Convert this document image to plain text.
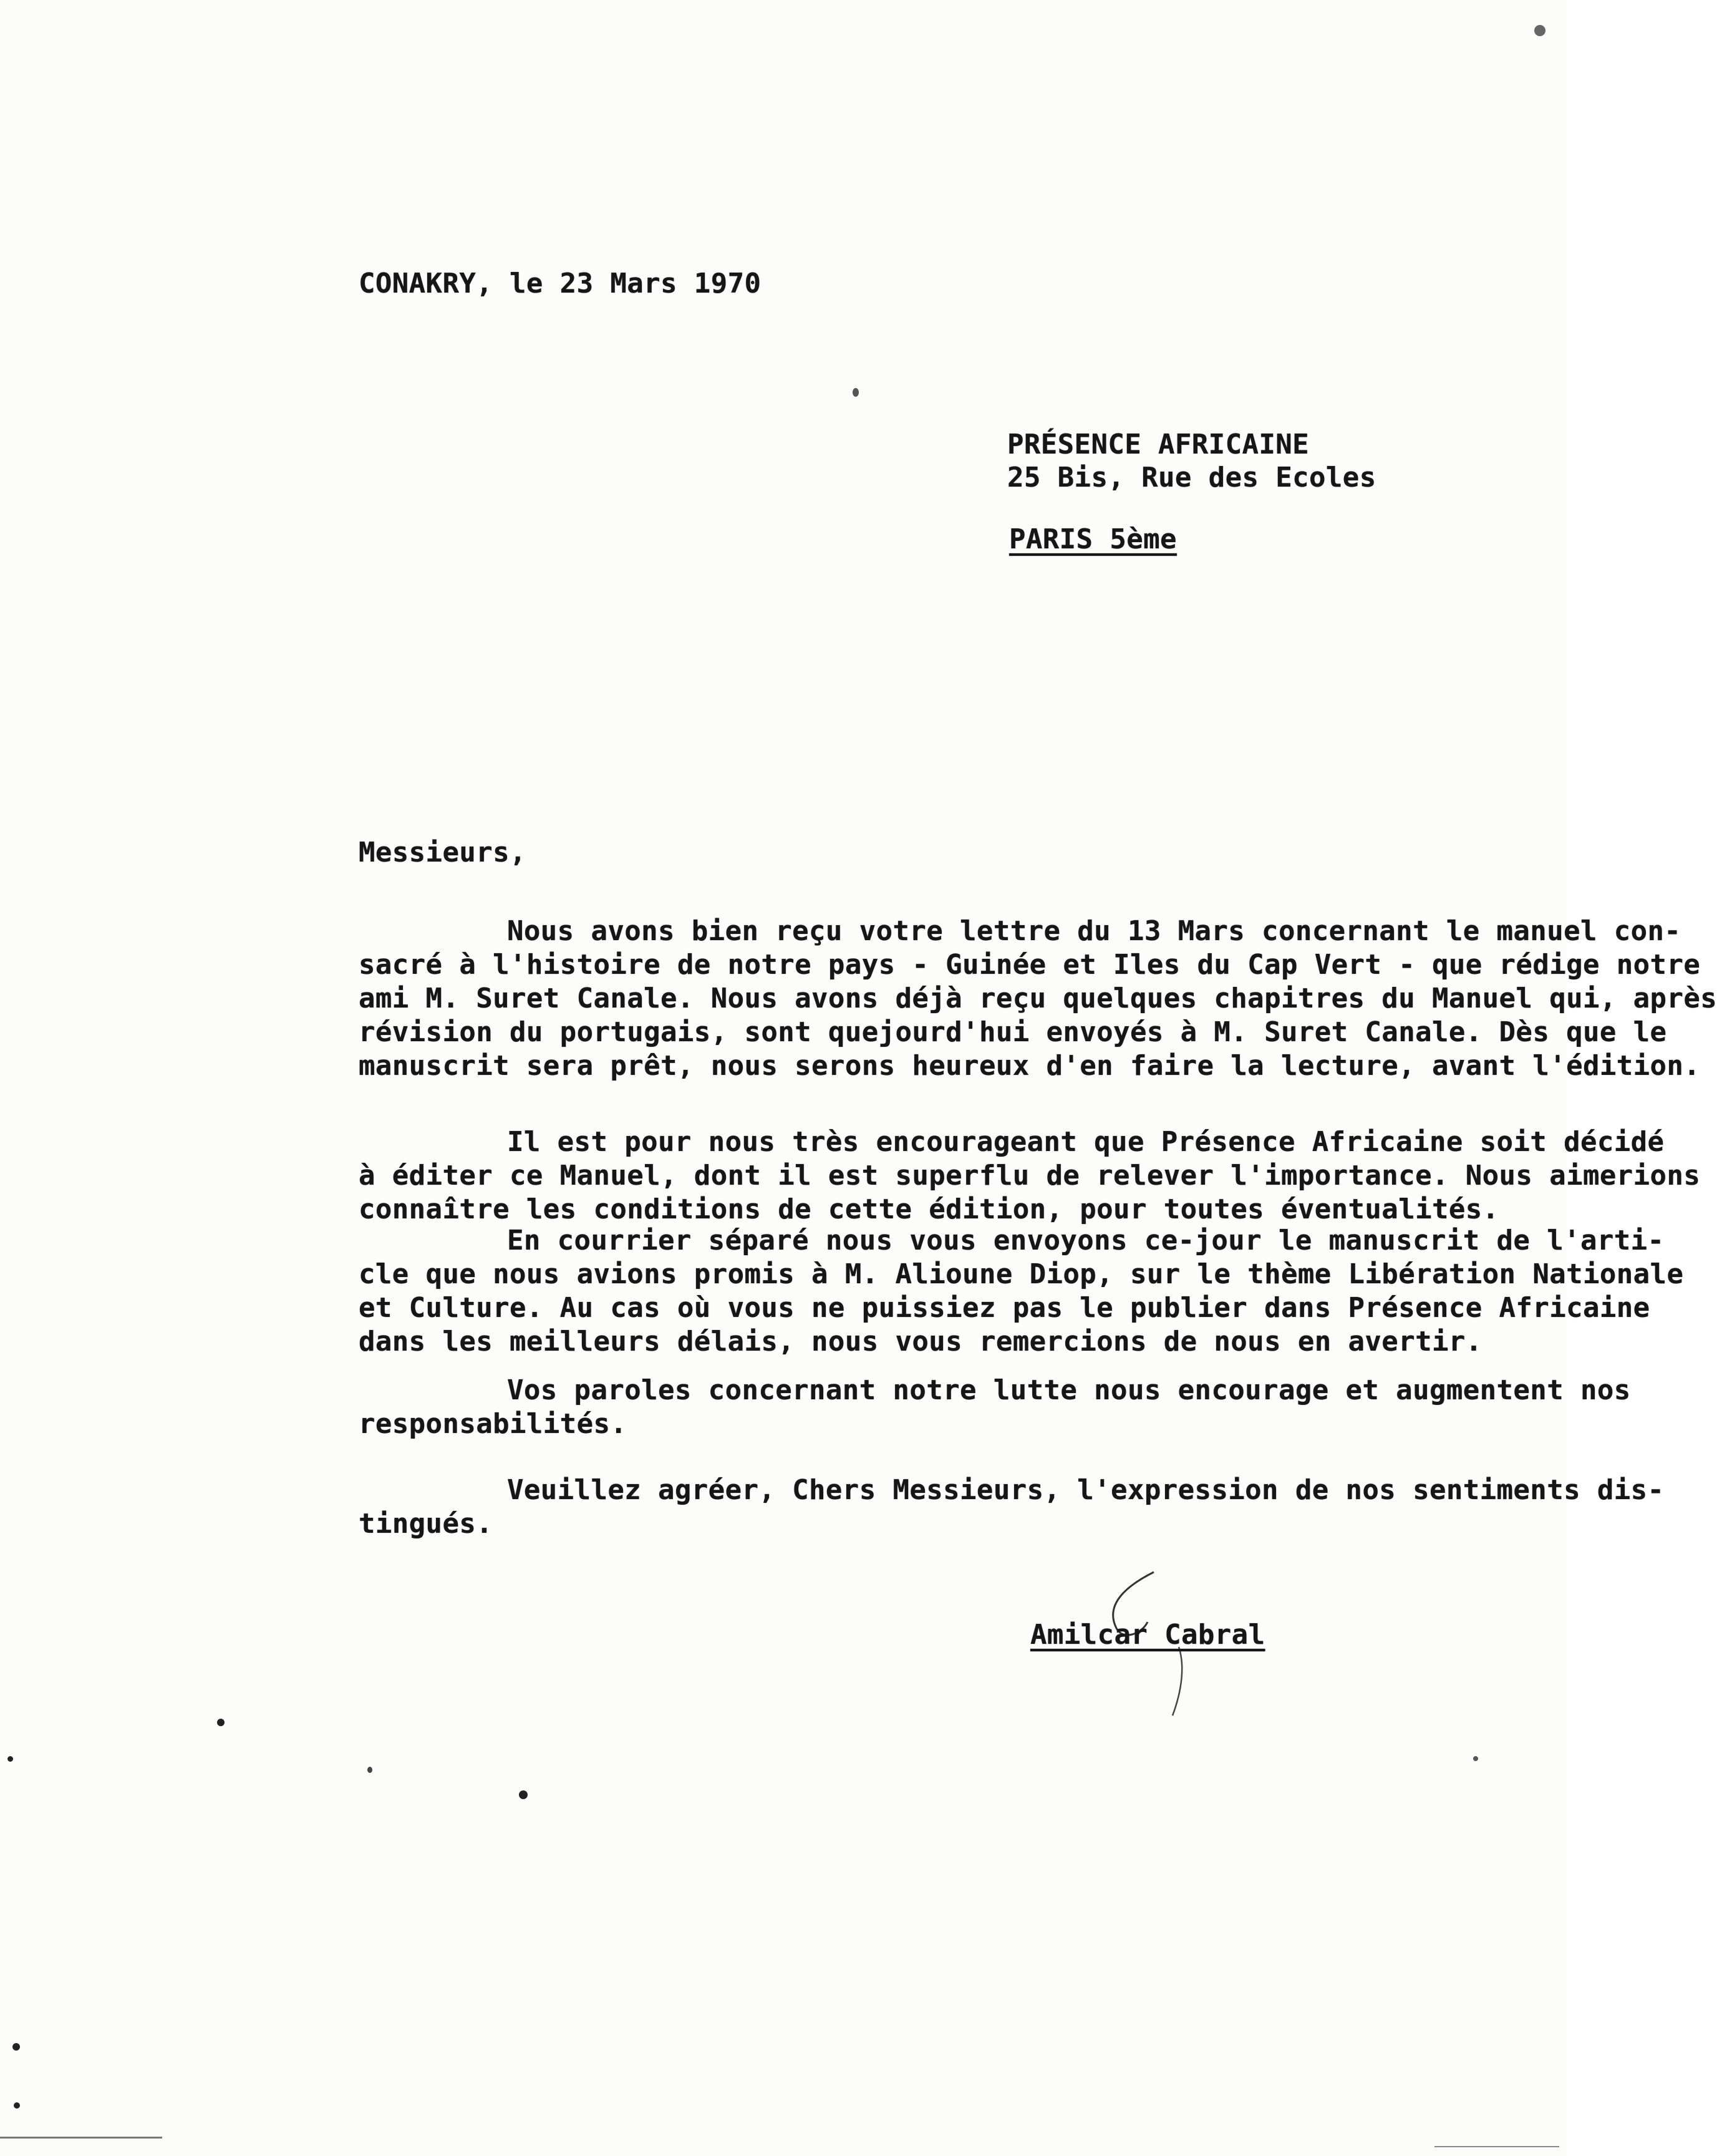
CONAKRY, le 23 Mars 1970
PRÉSENCE AFRICAINE
25 Bis, Rue des Ecoles
PARIS 5ème
Messieurs,
Nous avons bien reçu votre lettre du 13 Mars concernant le manuel con-
sacré à l'histoire de notre pays - Guinée et Iles du Cap Vert - que rédige notre
ami M. Suret Canale. Nous avons déjà reçu quelques chapitres du Manuel qui, après
révision du portugais, sont quejourd'hui envoyés à M. Suret Canale. Dès que le
manuscrit sera prêt, nous serons heureux d'en faire la lecture, avant l'édition.
Il est pour nous très encourageant que Présence Africaine soit décidé
à éditer ce Manuel, dont il est superflu de relever l'importance. Nous aimerions
connaître les conditions de cette édition, pour toutes éventualités.
En courrier séparé nous vous envoyons ce-jour le manuscrit de l'arti-
cle que nous avions promis à M. Alioune Diop, sur le thème Libération Nationale
et Culture. Au cas où vous ne puissiez pas le publier dans Présence Africaine
dans les meilleurs délais, nous vous remercions de nous en avertir.
Vos paroles concernant notre lutte nous encourage et augmentent nos
responsabilités.
Veuillez agréer, Chers Messieurs, l'expression de nos sentiments dis-
tingués.
Amilcar Cabral
